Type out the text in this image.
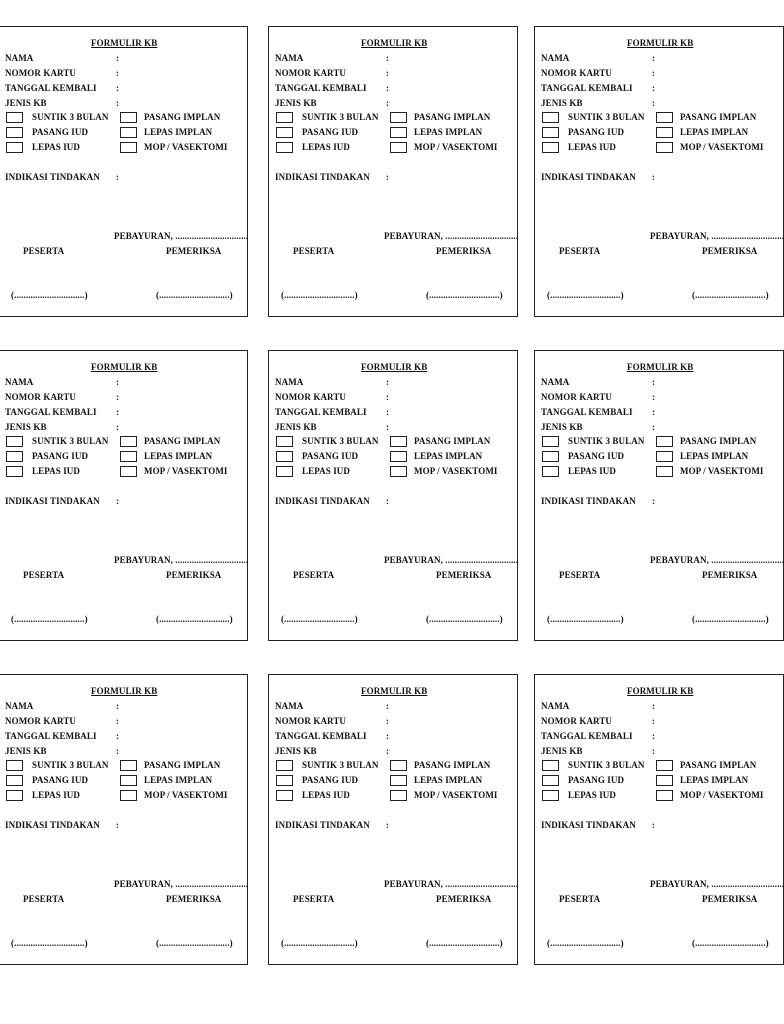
FORMULIR KB
NAMA	:
NOMOR KARTU	:
TANGGAL KEMBALI :
JENIS KB	:
SUNTIK 3 BULAN	PASANG IMPLAN
PASANG IUD	LEPAS IMPLAN
LEPAS IUD	MOP / VASEKTOMI
INDIKASI TINDAKAN :
PEBAYURAN, ...............................
PESERTA	PEMERIKSA
(..............................)	(..............................)
FORMULIR KB
NAMA	:
NOMOR KARTU	:
TANGGAL KEMBALI :
JENIS KB	:
SUNTIK 3 BULAN	PASANG IMPLAN
PASANG IUD	LEPAS IMPLAN
LEPAS IUD	MOP / VASEKTOMI
INDIKASI TINDAKAN :
PEBAYURAN, ...............................
PESERTA	PEMERIKSA
(..............................)	(..............................)
FORMULIR KB
NAMA	:
NOMOR KARTU	:
TANGGAL KEMBALI :
JENIS KB	:
SUNTIK 3 BULAN	PASANG IMPLAN
PASANG IUD	LEPAS IMPLAN
LEPAS IUD	MOP / VASEKTOMI
INDIKASI TINDAKAN :
PEBAYURAN, ...............................
PESERTA	PEMERIKSA
(..............................)	(..............................)
FORMULIR KB
NAMA	:
NOMOR KARTU	:
TANGGAL KEMBALI :
JENIS KB	:
SUNTIK 3 BULAN	PASANG IMPLAN
PASANG IUD	LEPAS IMPLAN
LEPAS IUD	MOP / VASEKTOMI
INDIKASI TINDAKAN :
PEBAYURAN, ...............................
PESERTA	PEMERIKSA
(..............................)	(..............................)
FORMULIR KB
NAMA	:
NOMOR KARTU	:
TANGGAL KEMBALI :
JENIS KB	:
SUNTIK 3 BULAN	PASANG IMPLAN
PASANG IUD	LEPAS IMPLAN
LEPAS IUD	MOP / VASEKTOMI
INDIKASI TINDAKAN :
PEBAYURAN, ...............................
PESERTA	PEMERIKSA
(..............................)	(..............................)
FORMULIR KB
NAMA	:
NOMOR KARTU	:
TANGGAL KEMBALI :
JENIS KB	:
SUNTIK 3 BULAN	PASANG IMPLAN
PASANG IUD	LEPAS IMPLAN
LEPAS IUD	MOP / VASEKTOMI
INDIKASI TINDAKAN :
PEBAYURAN, ...............................
PESERTA	PEMERIKSA
(..............................)	(..............................)
FORMULIR KB
NAMA	:
NOMOR KARTU	:
TANGGAL KEMBALI :
JENIS KB	:
SUNTIK 3 BULAN	PASANG IMPLAN
PASANG IUD	LEPAS IMPLAN
LEPAS IUD	MOP / VASEKTOMI
INDIKASI TINDAKAN :
PEBAYURAN, ...............................
PESERTA	PEMERIKSA
(..............................)	(..............................)
FORMULIR KB
NAMA	:
NOMOR KARTU	:
TANGGAL KEMBALI :
JENIS KB	:
SUNTIK 3 BULAN	PASANG IMPLAN
PASANG IUD	LEPAS IMPLAN
LEPAS IUD	MOP / VASEKTOMI
INDIKASI TINDAKAN :
PEBAYURAN, ...............................
PESERTA	PEMERIKSA
(..............................)	(..............................)
FORMULIR KB
NAMA	:
NOMOR KARTU	:
TANGGAL KEMBALI :
JENIS KB	:
SUNTIK 3 BULAN	PASANG IMPLAN
PASANG IUD	LEPAS IMPLAN
LEPAS IUD	MOP / VASEKTOMI
INDIKASI TINDAKAN :
PEBAYURAN, ...............................
PESERTA	PEMERIKSA
(..............................)	(..............................)
